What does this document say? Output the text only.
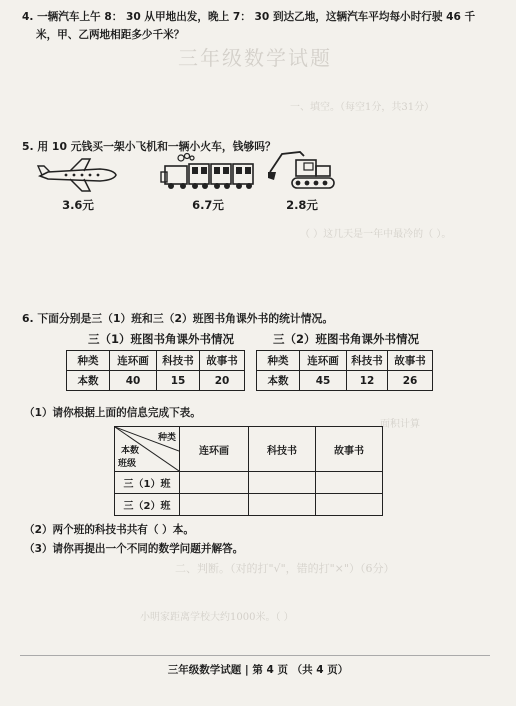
三年级数学试题
一、填空。（每空1分，共31分）
（ ）这几天是一年中最冷的（ ）。
面积计算
二、判断。（对的打"√"，错的打"×"）（6分）
小明家距离学校大约1000米。（ ）
4. 一辆汽车上午 8： 30 从甲地出发，晚上 7： 30 到达乙地，这辆汽车平均每小时行驶 46 千
米，甲、乙两地相距多少千米？
5. 用 10 元钱买一架小飞机和一辆小火车，钱够吗？
3.6元	6.7元	2.8元
6. 下面分别是三（1）班和三（2）班图书角课外书的统计情况。
三（1）班图书角课外书情况
种类	连环画	科技书	故事书
本数	40	15	20
三（2）班图书角课外书情况
种类	连环画	科技书	故事书
本数	45	12	26
（1）请你根据上面的信息完成下表。
种类
本数
班级	连环画	科技书	故事书
三（1）班			
三（2）班			
（2）两个班的科技书共有（ ）本。
（3）请你再提出一个不同的数学问题并解答。
三年级数学试题 | 第 4 页 （共 4 页）
